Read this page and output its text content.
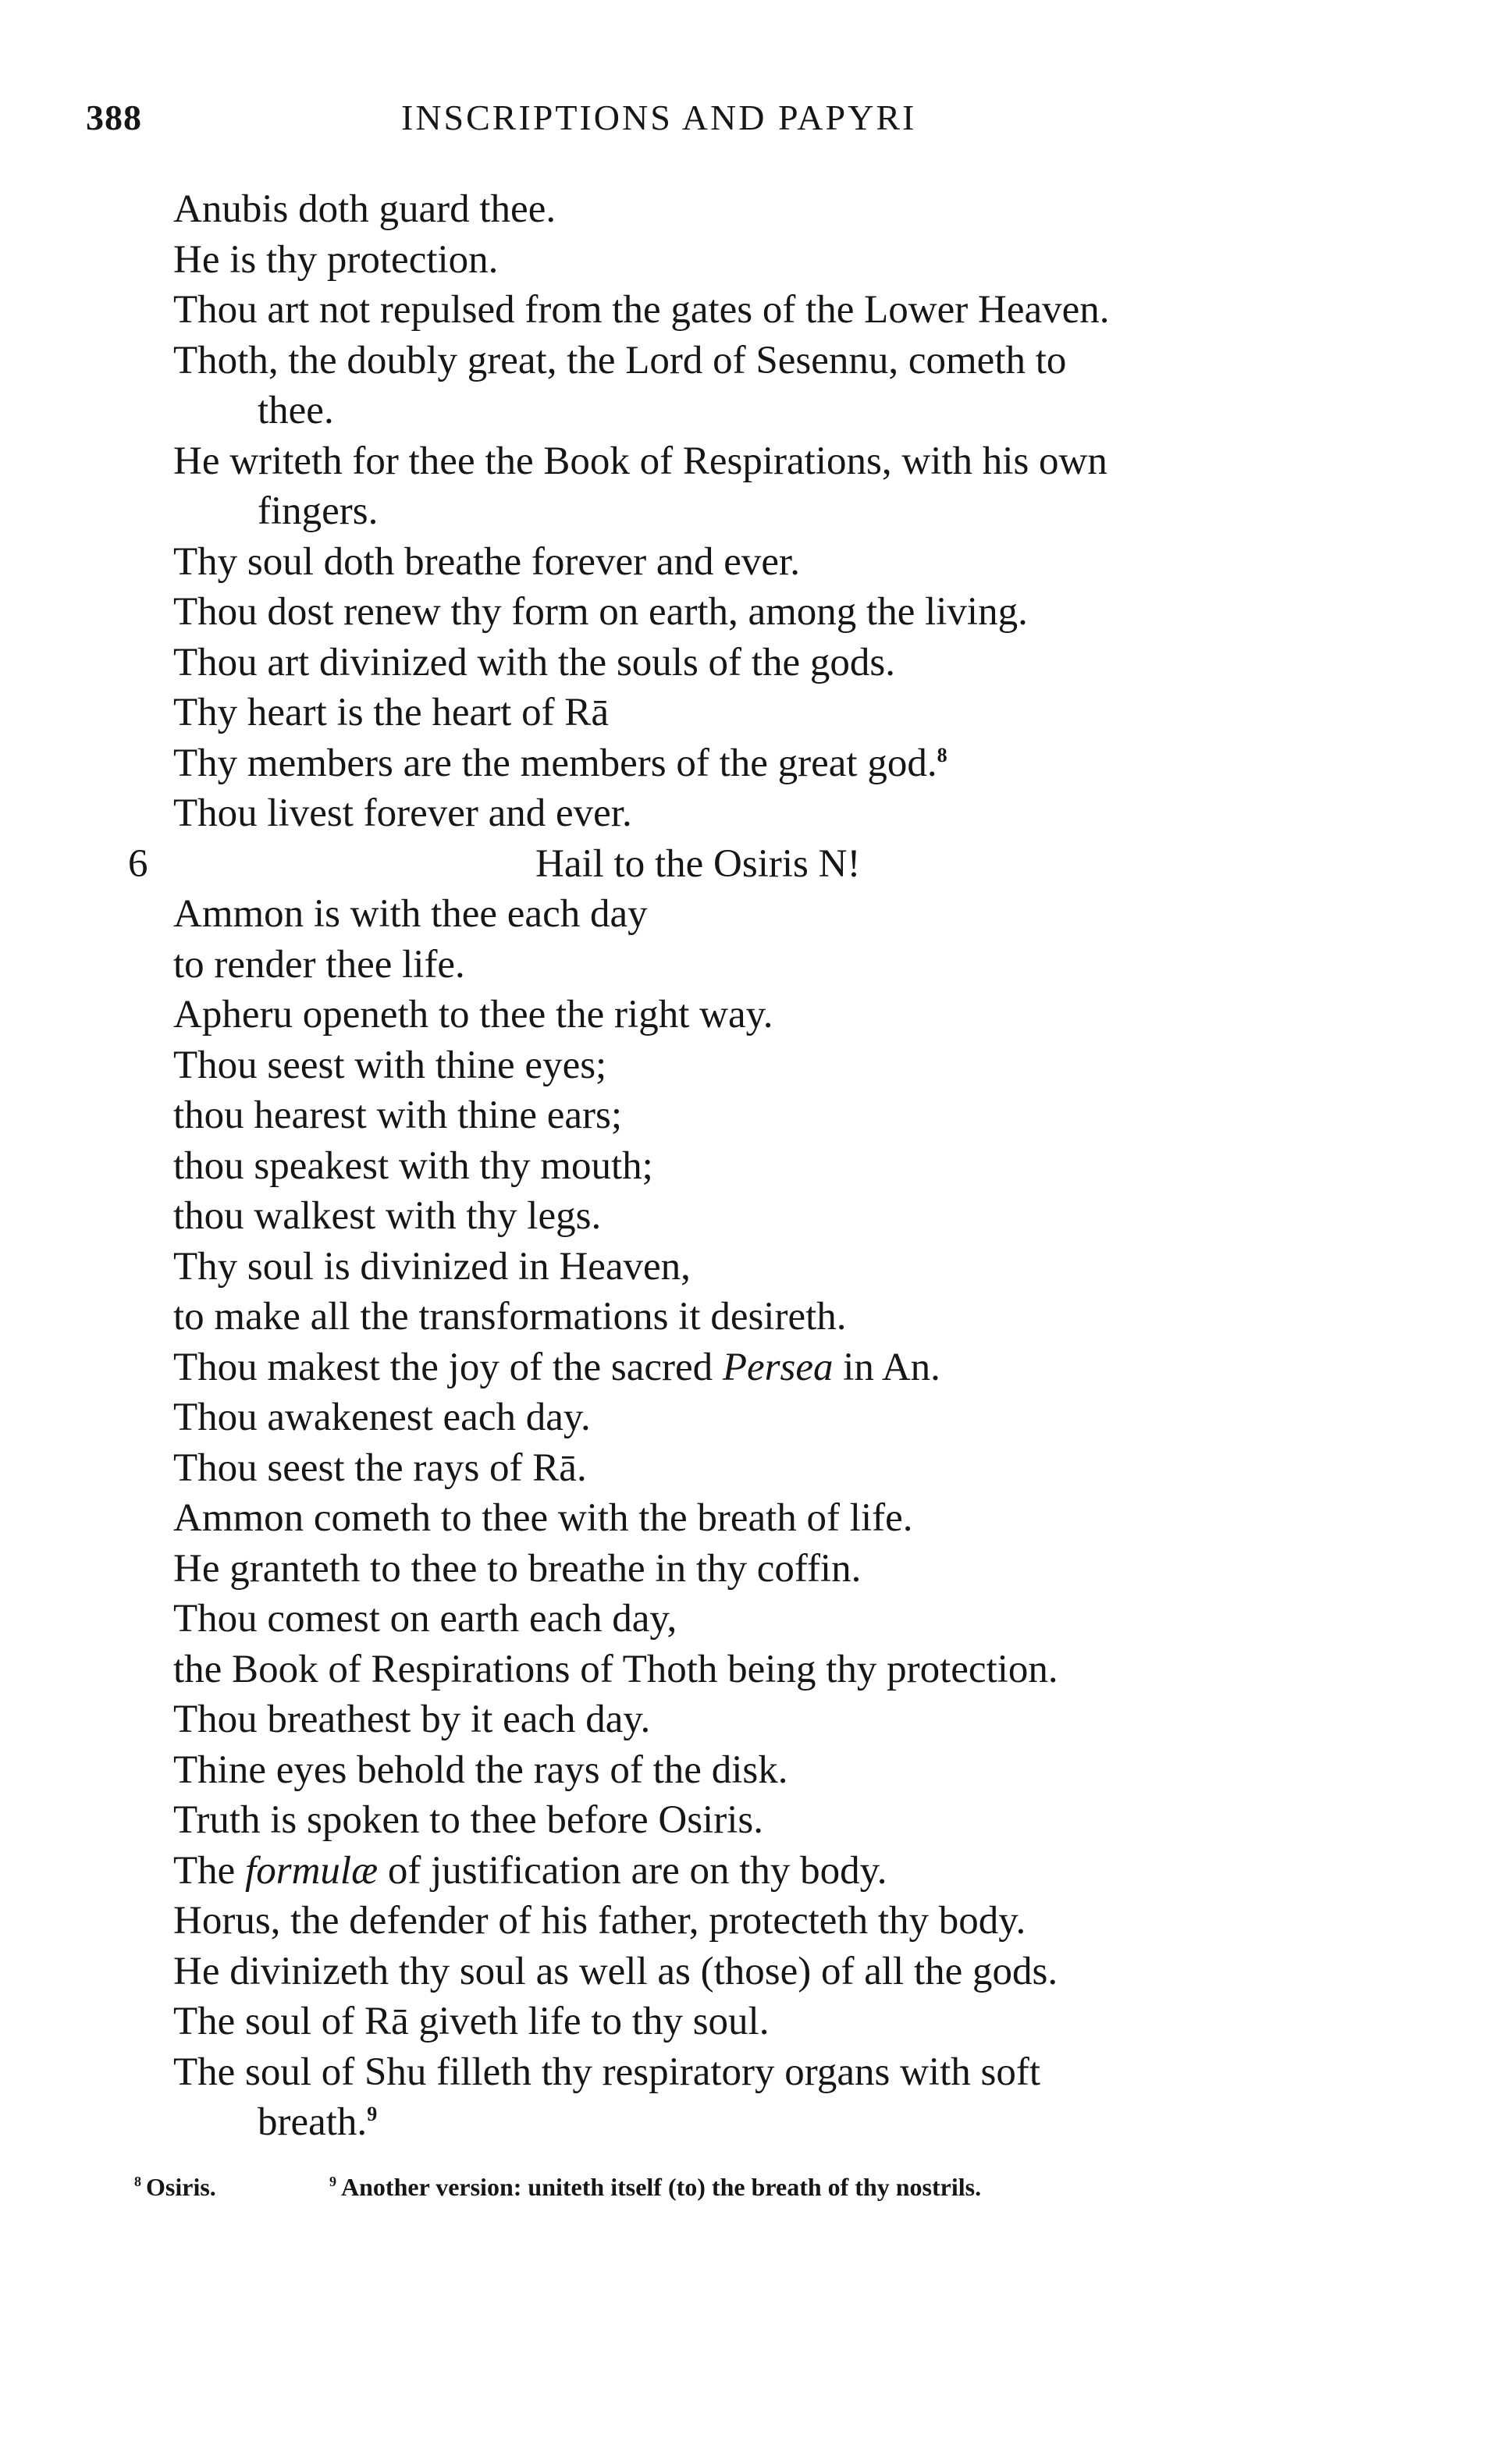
388	INSCRIPTIONS AND PAPYRI
Anubis doth guard thee.
He is thy protection.
Thou art not repulsed from the gates of the Lower Heaven.
Thoth, the doubly great, the Lord of Sesennu, cometh to
thee.
He writeth for thee the Book of Respirations, with his own
fingers.
Thy soul doth breathe forever and ever.
Thou dost renew thy form on earth, among the living.
Thou art divinized with the souls of the gods.
Thy heart is the heart of Rā
Thy members are the members of the great god.$^8$
Thou livest forever and ever.
6	Hail to the Osiris N!
Ammon is with thee each day
to render thee life.
Apheru openeth to thee the right way.
Thou seest with thine eyes;
thou hearest with thine ears;
thou speakest with thy mouth;
thou walkest with thy legs.
Thy soul is divinized in Heaven,
to make all the transformations it desireth.
Thou makest the joy of the sacred Persea in An.
Thou awakenest each day.
Thou seest the rays of Rā.
Ammon cometh to thee with the breath of life.
He granteth to thee to breathe in thy coffin.
Thou comest on earth each day,
the Book of Respirations of Thoth being thy protection.
Thou breathest by it each day.
Thine eyes behold the rays of the disk.
Truth is spoken to thee before Osiris.
The formulæ of justification are on thy body.
Horus, the defender of his father, protecteth thy body.
He divinizeth thy soul as well as (those) of all the gods.
The soul of Rā giveth life to thy soul.
The soul of Shu filleth thy respiratory organs with soft
breath.$^9$
$^8$ Osiris.	$^9$ Another version: uniteth itself (to) the breath of thy nostrils.
